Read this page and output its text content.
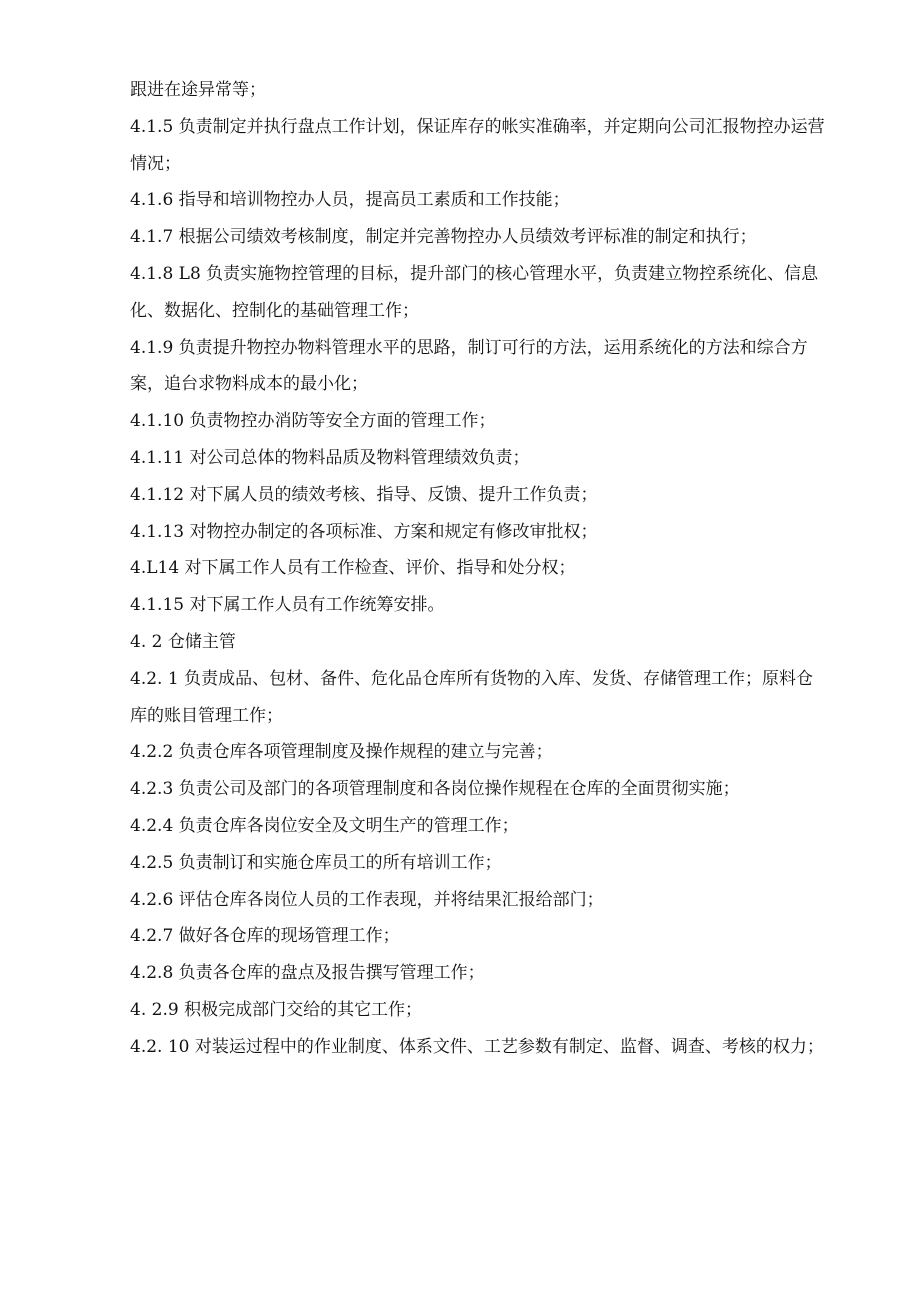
跟进在途异常等；

4.1.5 负责制定并执行盘点工作计划，保证库存的帐实准确率，并定期向公司汇报物控办运营情况；

4.1.6 指导和培训物控办人员，提高员工素质和工作技能；

4.1.7 根据公司绩效考核制度，制定并完善物控办人员绩效考评标准的制定和执行；

4.1.8 L8 负责实施物控管理的目标，提升部门的核心管理水平，负责建立物控系统化、信息化、数据化、控制化的基础管理工作；

4.1.9 负责提升物控办物料管理水平的思路，制订可行的方法，运用系统化的方法和综合方案，追台求物料成本的最小化；

4.1.10 负责物控办消防等安全方面的管理工作；

4.1.11 对公司总体的物料品质及物料管理绩效负责；

4.1.12 对下属人员的绩效考核、指导、反馈、提升工作负责；

4.1.13 对物控办制定的各项标准、方案和规定有修改审批权；

4.L14 对下属工作人员有工作检查、评价、指导和处分权；

4.1.15 对下属工作人员有工作统筹安排。

4. 2 仓储主管

4.2. 1 负责成品、包材、备件、危化品仓库所有货物的入库、发货、存储管理工作；原料仓库的账目管理工作；

4.2.2 负责仓库各项管理制度及操作规程的建立与完善；

4.2.3 负责公司及部门的各项管理制度和各岗位操作规程在仓库的全面贯彻实施；

4.2.4 负责仓库各岗位安全及文明生产的管理工作；

4.2.5 负责制订和实施仓库员工的所有培训工作；

4.2.6 评估仓库各岗位人员的工作表现，并将结果汇报给部门；

4.2.7 做好各仓库的现场管理工作；

4.2.8 负责各仓库的盘点及报告撰写管理工作；

4. 2.9 积极完成部门交给的其它工作；

4.2. 10 对装运过程中的作业制度、体系文件、工艺参数有制定、监督、调查、考核的权力；
